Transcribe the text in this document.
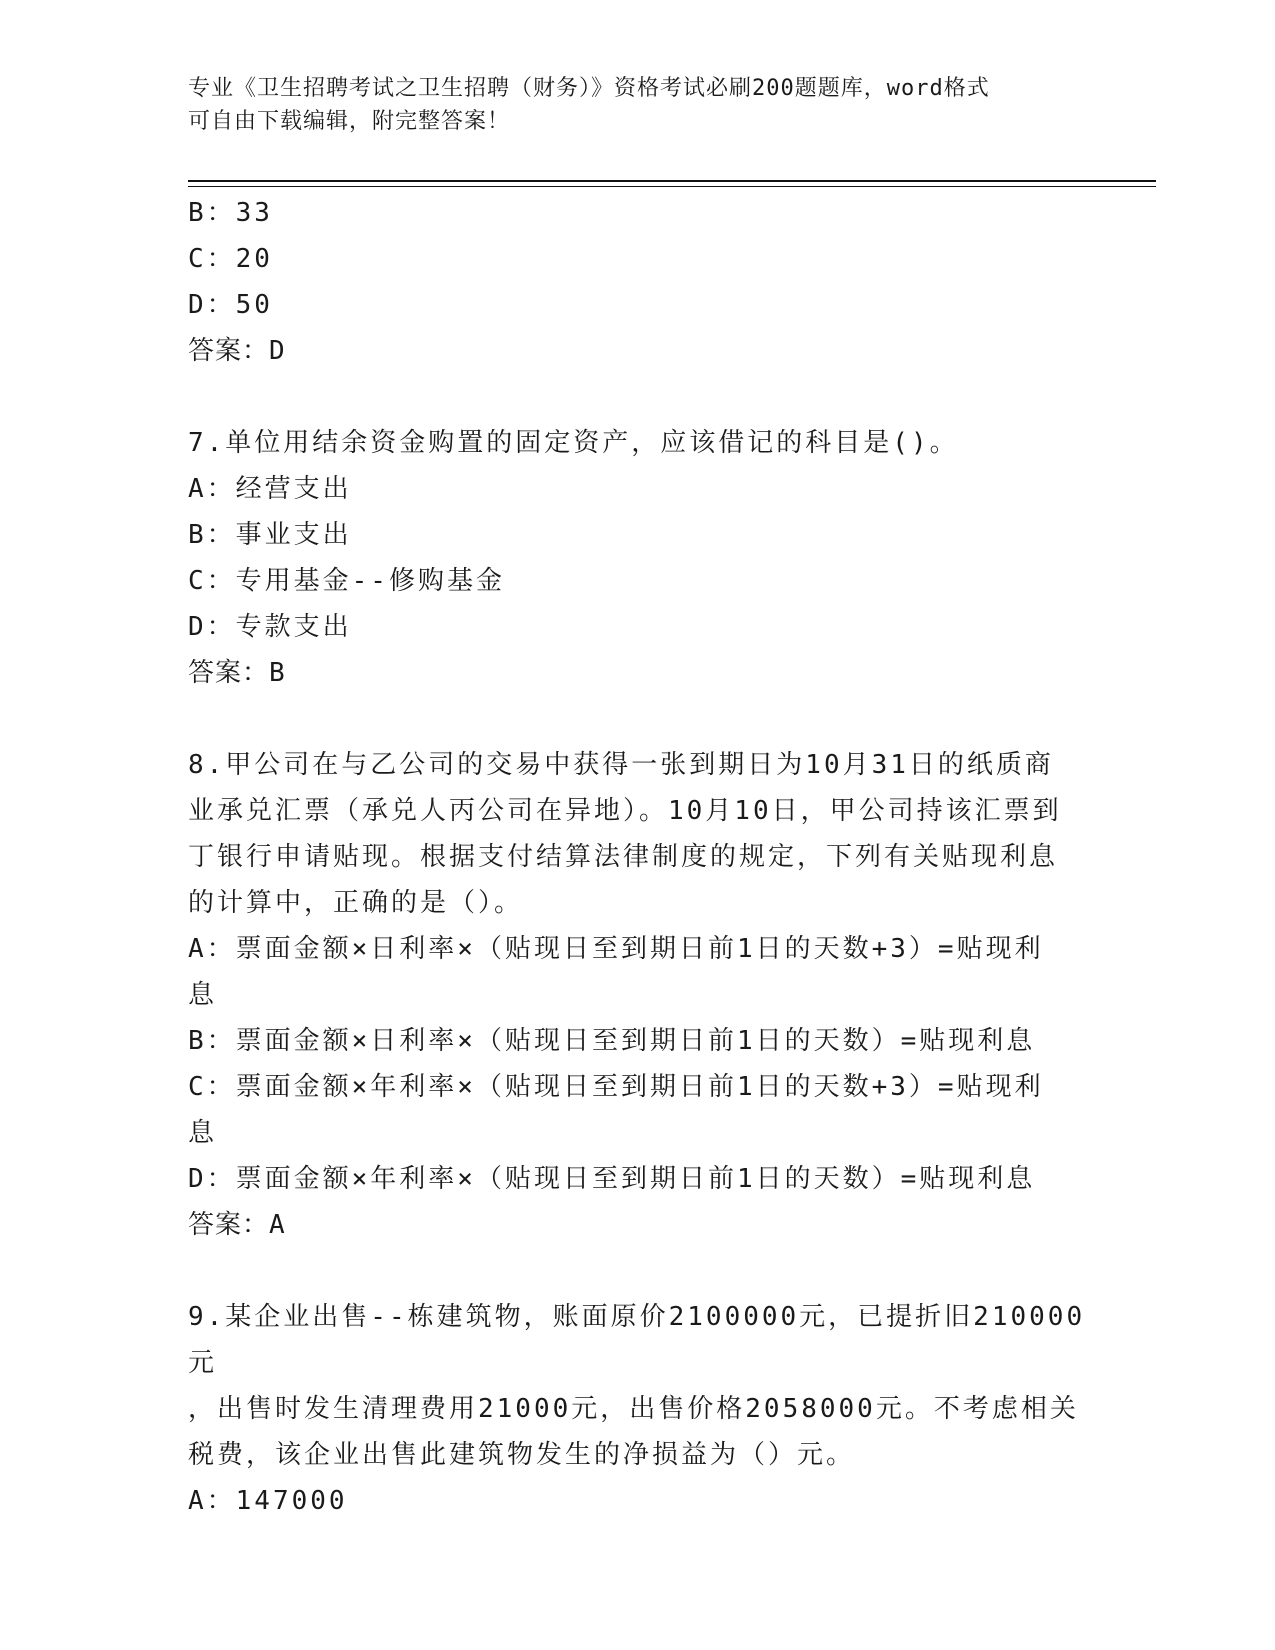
专业《卫生招聘考试之卫生招聘（财务）》资格考试必刷200题题库，word格式
可自由下载编辑，附完整答案！
B：33
C：20
D：50
答案：D
7.单位用结余资金购置的固定资产，应该借记的科目是()。
A：经营支出
B：事业支出
C：专用基金--修购基金
D：专款支出
答案：B
8.甲公司在与乙公司的交易中获得一张到期日为10月31日的纸质商
业承兑汇票（承兑人丙公司在异地）。10月10日，甲公司持该汇票到
丁银行申请贴现。根据支付结算法律制度的规定，下列有关贴现利息
的计算中，正确的是（）。
A：票面金额×日利率×（贴现日至到期日前1日的天数+3）=贴现利
息
B：票面金额×日利率×（贴现日至到期日前1日的天数）=贴现利息
C：票面金额×年利率×（贴现日至到期日前1日的天数+3）=贴现利
息
D：票面金额×年利率×（贴现日至到期日前1日的天数）=贴现利息
答案：A
9.某企业出售--栋建筑物，账面原价2100000元，已提折旧210000元
，出售时发生清理费用21000元，出售价格2058000元。不考虑相关
税费，该企业出售此建筑物发生的净损益为（）元。
A：147000
